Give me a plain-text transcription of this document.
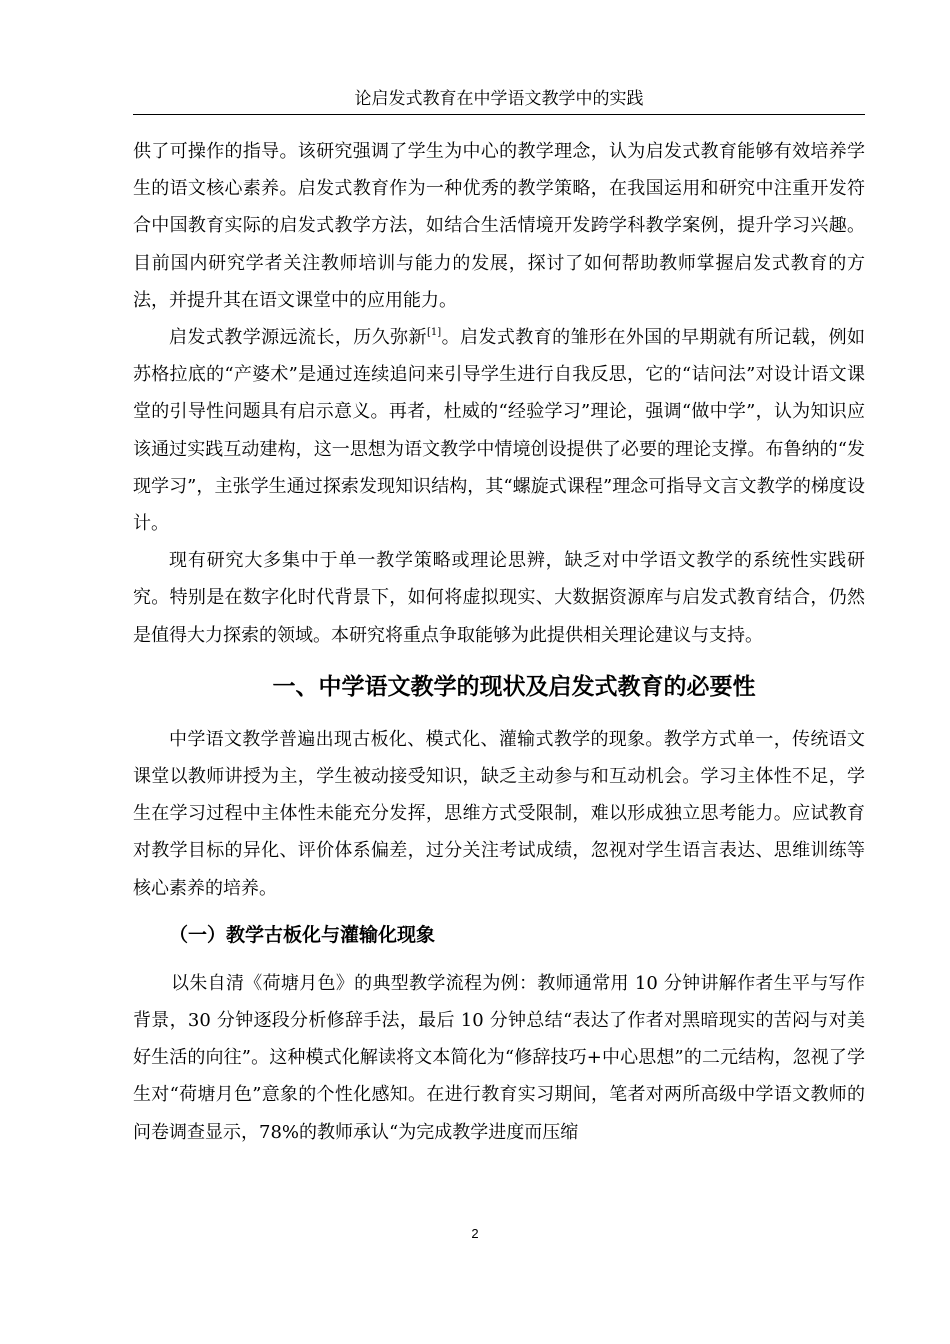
论启发式教育在中学语文教学中的实践

供了可操作的指导。该研究强调了学生为中心的教学理念，认为启发式教育能够有效培养学生的语文核心素养。启发式教育作为一种优秀的教学策略，在我国运用和研究中注重开发符合中国教育实际的启发式教学方法，如结合生活情境开发跨学科教学案例，提升学习兴趣。目前国内研究学者关注教师培训与能力的发展，探讨了如何帮助教师掌握启发式教育的方法，并提升其在语文课堂中的应用能力。

启发式教学源远流长，历久弥新[1]。启发式教育的雏形在外国的早期就有所记载，例如苏格拉底的“产婆术”是通过连续追问来引导学生进行自我反思，它的“诘问法”对设计语文课堂的引导性问题具有启示意义。再者，杜威的“经验学习”理论，强调“做中学”，认为知识应该通过实践互动建构，这一思想为语文教学中情境创设提供了必要的理论支撑。布鲁纳的“发现学习”，主张学生通过探索发现知识结构，其“螺旋式课程”理念可指导文言文教学的梯度设计。

现有研究大多集中于单一教学策略或理论思辨，缺乏对中学语文教学的系统性实践研究。特别是在数字化时代背景下，如何将虚拟现实、大数据资源库与启发式教育结合，仍然是值得大力探索的领域。本研究将重点争取能够为此提供相关理论建议与支持。

一、中学语文教学的现状及启发式教育的必要性

中学语文教学普遍出现古板化、模式化、灌输式教学的现象。教学方式单一，传统语文课堂以教师讲授为主，学生被动接受知识，缺乏主动参与和互动机会。学习主体性不足，学生在学习过程中主体性未能充分发挥，思维方式受限制，难以形成独立思考能力。应试教育对教学目标的异化、评价体系偏差，过分关注考试成绩，忽视对学生语言表达、思维训练等核心素养的培养。

（一）教学古板化与灌输化现象

以朱自清《荷塘月色》的典型教学流程为例：教师通常用 10 分钟讲解作者生平与写作背景，30 分钟逐段分析修辞手法，最后 10 分钟总结“表达了作者对黑暗现实的苦闷与对美好生活的向往”。这种模式化解读将文本简化为“修辞技巧+中心思想”的二元结构，忽视了学生对“荷塘月色”意象的个性化感知。在进行教育实习期间，笔者对两所高级中学语文教师的问卷调查显示，78%的教师承认“为完成教学进度而压缩

2
